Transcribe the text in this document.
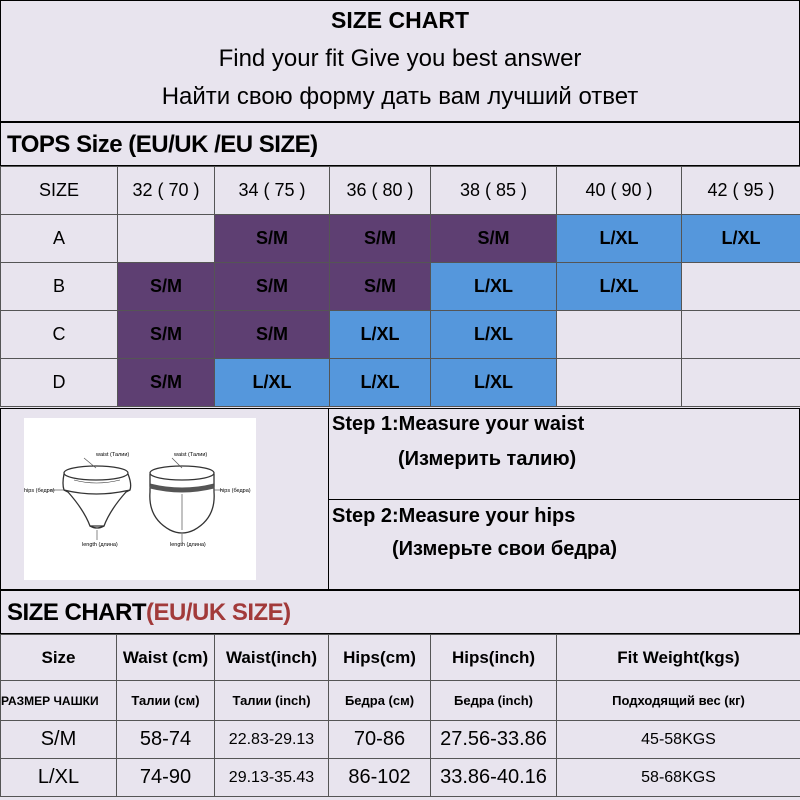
SIZE CHART
Find your fit Give you best answer
Найти свою форму дать вам лучший ответ
TOPS Size (EU/UK /EU SIZE)
SIZE	32 ( 70 )	34 ( 75 )	36 ( 80 )	38 ( 85 )	40 ( 90 )	42 ( 95 )
A		S/M	S/M	S/M	L/XL	L/XL
B	S/M	S/M	S/M	L/XL	L/XL	
C	S/M	S/M	L/XL	L/XL		
D	S/M	L/XL	L/XL	L/XL		
waist (Талии)	waist (Талии)
hips (бедра)	hips (бедра)
length (длина)	length (длина)
Step 1:Measure your waist
(Измерить талию)
Step 2:Measure your hips
(Измерьте свои бедра)
SIZE CHART(EU/UK SIZE)
Size	Waist (cm)	Waist(inch)	Hips(cm)	Hips(inch)	Fit Weight(kgs)
РАЗМЕР ЧАШКИ	Талии (см)	Талии (inch)	Бедра (см)	Бедра (inch)	Подходящий вес (кг)
S/M	58-74	22.83-29.13	70-86	27.56-33.86	45-58KGS
L/XL	74-90	29.13-35.43	86-102	33.86-40.16	58-68KGS
